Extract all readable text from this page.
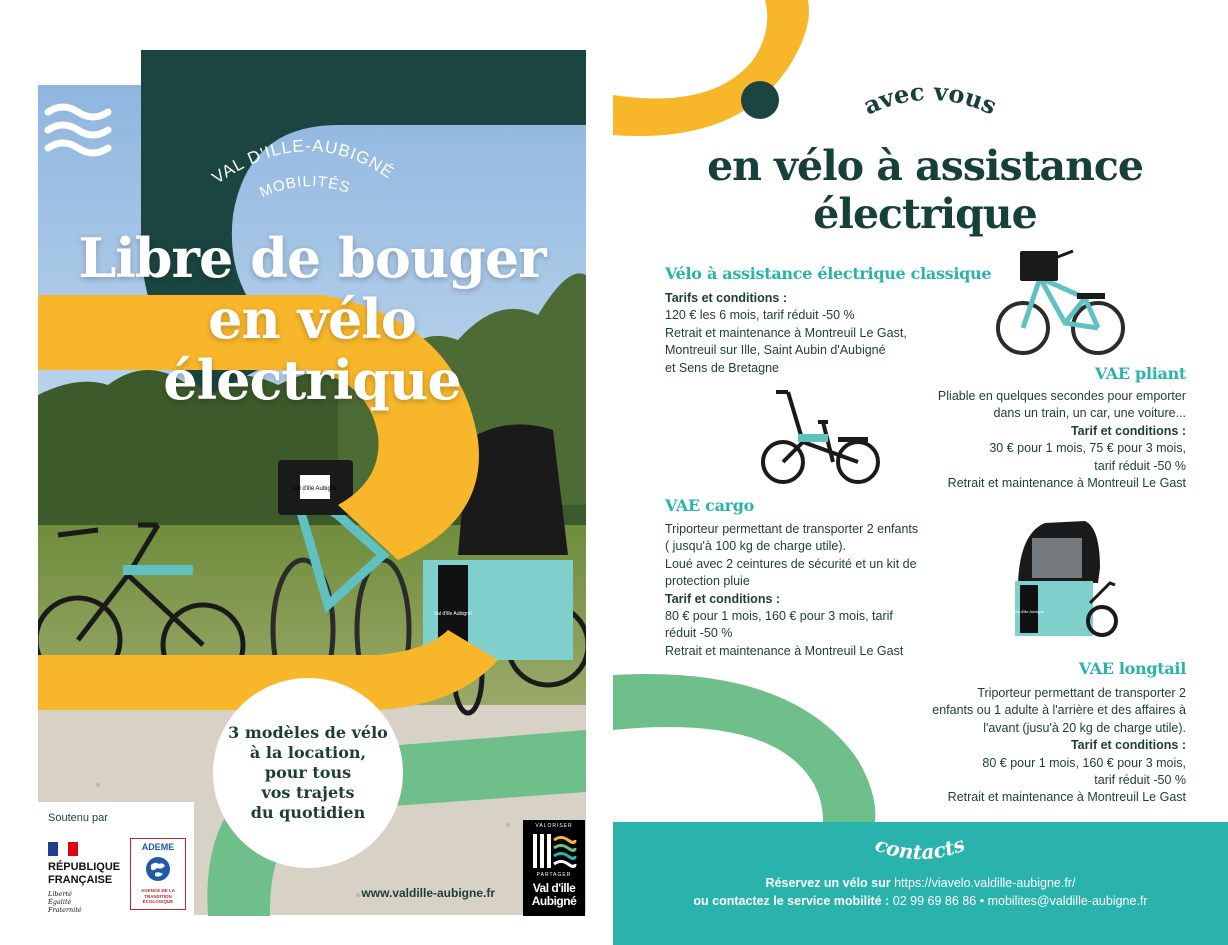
Val d'ille Aubigné
Val d'ille Aubigné
VAL D'ILLE-AUBIGNÉ
MOBILITÉS
Libre de bouger
en vélo
électrique
3 modèles de vélo
à la location,
pour tous
vos trajets
du quotidien
Soutenu par
RÉPUBLIQUE
FRANÇAISE
Liberté
Égalité
Fraternité
ADEME
AGENCE DE LA TRANSITION ÉCOLOGIQUE
www.valdille-aubigne.fr
VALORISER
PARTAGER
Val d'ille
Aubigné
avec vous
en vélo à assistance
électrique
Vélo à assistance électrique classique
Tarifs et conditions :
120 € les 6 mois, tarif réduit -50 %
Retrait et maintenance à Montreuil Le Gast,
Montreuil sur Ille, Saint Aubin d'Aubigné
et Sens de Bretagne	VAE pliant
Pliable en quelques secondes pour emporter
dans un train, un car, une voiture...
Tarif et conditions :
30 € pour 1 mois, 75 € pour 3 mois,
tarif réduit -50 %
Retrait et maintenance à Montreuil Le Gast
VAE cargo
Triporteur permettant de transporter 2 enfants
( jusqu'à 100 kg de charge utile).
Loué avec 2 ceintures de sécurité et un kit de
protection pluie
Tarif et conditions :
80 € pour 1 mois, 160 € pour 3 mois, tarif
réduit -50 %
Retrait et maintenance à Montreuil Le Gast
Val d'ille Aubigné
VAE longtail
Triporteur permettant de transporter 2
enfants ou 1 adulte à l'arrière et des affaires à
l'avant (jusu'à 20 kg de charge utile).
Tarif et conditions :
80 € pour 1 mois, 160 € pour 3 mois,
tarif réduit -50 %
Retrait et maintenance à Montreuil Le Gast
contacts
Réservez un vélo sur https://viavelo.valdille-aubigne.fr/
ou contactez le service mobilité : 02 99 69 86 86 • mobilites@valdille-aubigne.fr
